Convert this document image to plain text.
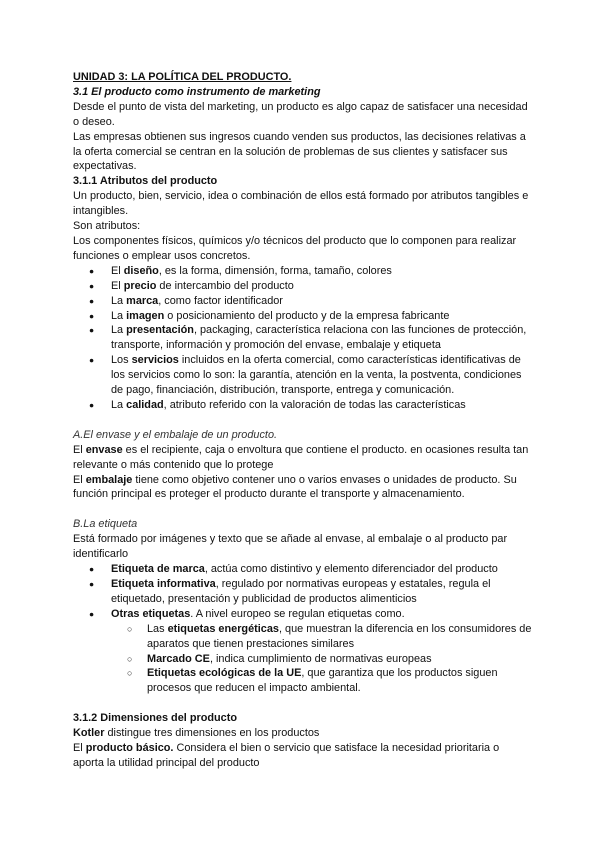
UNIDAD 3: LA POLÍTICA DEL PRODUCTO.
3.1 El producto como instrumento de marketing

Desde el punto de vista del marketing, un producto es algo capaz de satisfacer una necesidad o deseo.

Las empresas obtienen sus ingresos cuando venden sus productos, las decisiones relativas a la oferta comercial se centran en la solución de problemas de sus clientes y satisfacer sus expectativas.

3.1.1 Atributos del producto

Un producto, bien, servicio, idea o combinación de ellos está formado por atributos tangibles e intangibles.

Son atributos:

Los componentes físicos, químicos y/o técnicos del producto que lo componen para realizar funciones o emplear usos concretos.

● El diseño, es la forma, dimensión, forma, tamaño, colores
● El precio de intercambio del producto
● La marca, como factor identificador
● La imagen o posicionamiento del producto y de la empresa fabricante
● La presentación, packaging, característica relaciona con las funciones de protección, transporte, información y promoción del envase, embalaje y etiqueta
● Los servicios incluidos en la oferta comercial, como características identificativas de los servicios como lo son: la garantía, atención en la venta, la postventa, condiciones de pago, financiación, distribución, transporte, entrega y comunicación.
● La calidad, atributo referido con la valoración de todas las características
A.El envase y el embalaje de un producto.

El envase es el recipiente, caja o envoltura que contiene el producto. en ocasiones resulta tan relevante o más contenido que lo protege

El embalaje tiene como objetivo contener uno o varios envases o unidades de producto. Su función principal es proteger el producto durante el transporte y almacenamiento.

B.La etiqueta

Está formado por imágenes y texto que se añade al envase, al embalaje o al producto par identificarlo

● Etiqueta de marca, actúa como distintivo y elemento diferenciador del producto
● Etiqueta informativa, regulado por normativas europeas y estatales, regula el etiquetado, presentación y publicidad de productos alimenticios
● Otras etiquetas. A nivel europeo se regulan etiquetas como.
○ Las etiquetas energéticas, que muestran la diferencia en los consumidores de aparatos que tienen prestaciones similares
○ Marcado CE, indica cumplimiento de normativas europeas
○ Etiquetas ecológicas de la UE, que garantiza que los productos siguen procesos que reducen el impacto ambiental.
3.1.2 Dimensiones del producto

Kotler distingue tres dimensiones en los productos

El producto básico. Considera el bien o servicio que satisface la necesidad prioritaria o aporta la utilidad principal del producto
